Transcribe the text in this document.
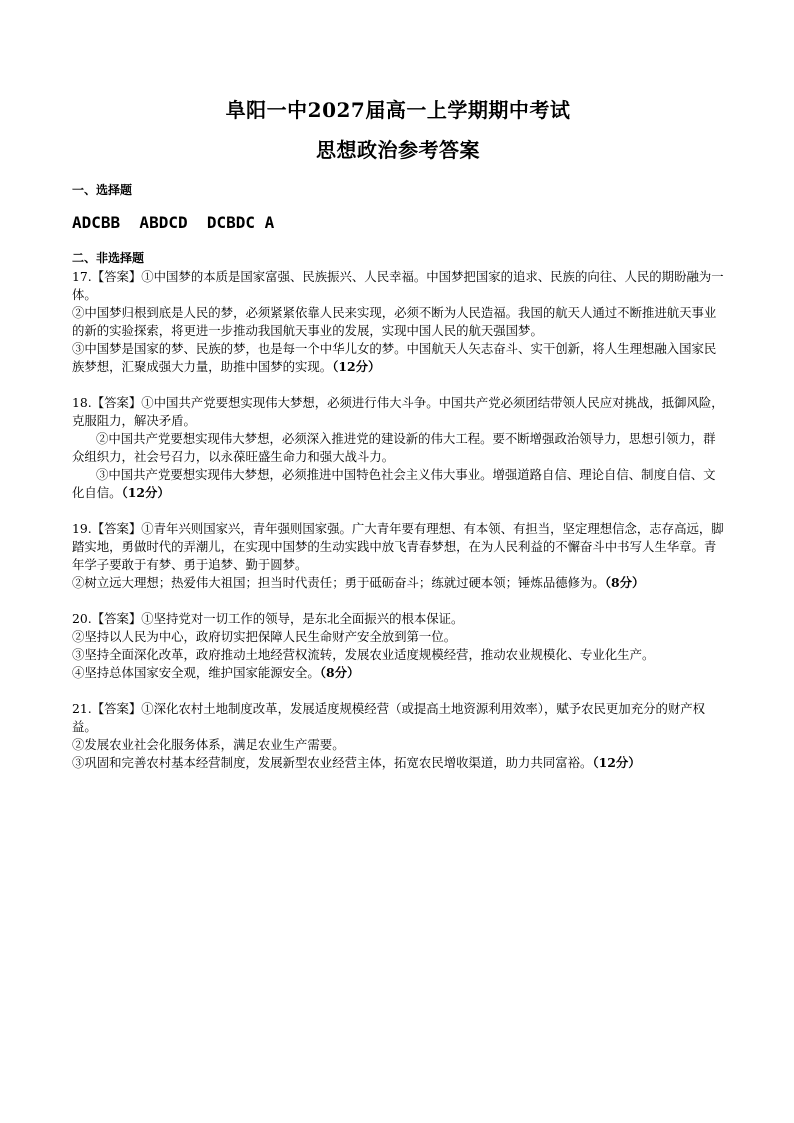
阜阳一中2027届高一上学期期中考试
思想政治参考答案
一、选择题
ADCBB  ABDCD  DCBDC A
二、非选择题

17.【答案】①中国梦的本质是国家富强、民族振兴、人民幸福。中国梦把国家的追求、民族的向往、人民的期盼融为一体。

②中国梦归根到底是人民的梦，必须紧紧依靠人民来实现，必须不断为人民造福。我国的航天人通过不断推进航天事业的新的实验探索，将更进一步推动我国航天事业的发展，实现中国人民的航天强国梦。

③中国梦是国家的梦、民族的梦，也是每一个中华儿女的梦。中国航天人矢志奋斗、实干创新，将人生理想融入国家民族梦想，汇聚成强大力量，助推中国梦的实现。（12分）

18.【答案】①中国共产党要想实现伟大梦想，必须进行伟大斗争。中国共产党必须团结带领人民应对挑战，抵御风险，克服阻力，解决矛盾。

②中国共产党要想实现伟大梦想，必须深入推进党的建设新的伟大工程。要不断增强政治领导力，思想引领力，群众组织力，社会号召力，以永葆旺盛生命力和强大战斗力。

③中国共产党要想实现伟大梦想，必须推进中国特色社会主义伟大事业。增强道路自信、理论自信、制度自信、文化自信。（12分）

19.【答案】①青年兴则国家兴，青年强则国家强。广大青年要有理想、有本领、有担当，坚定理想信念，志存高远，脚踏实地，勇做时代的弄潮儿，在实现中国梦的生动实践中放飞青春梦想，在为人民利益的不懈奋斗中书写人生华章。青年学子要敢于有梦、勇于追梦、勤于圆梦。

②树立远大理想；热爱伟大祖国；担当时代责任；勇于砥砺奋斗；练就过硬本领；锤炼品德修为。（8分）

20.【答案】①坚持党对一切工作的领导，是东北全面振兴的根本保证。

②坚持以人民为中心，政府切实把保障人民生命财产安全放到第一位。

③坚持全面深化改革，政府推动土地经营权流转，发展农业适度规模经营，推动农业规模化、专业化生产。

④坚持总体国家安全观，维护国家能源安全。（8分）

21.【答案】①深化农村土地制度改革，发展适度规模经营（或提高土地资源利用效率），赋予农民更加充分的财产权益。

②发展农业社会化服务体系，满足农业生产需要。

③巩固和完善农村基本经营制度，发展新型农业经营主体，拓宽农民增收渠道，助力共同富裕。（12分）
